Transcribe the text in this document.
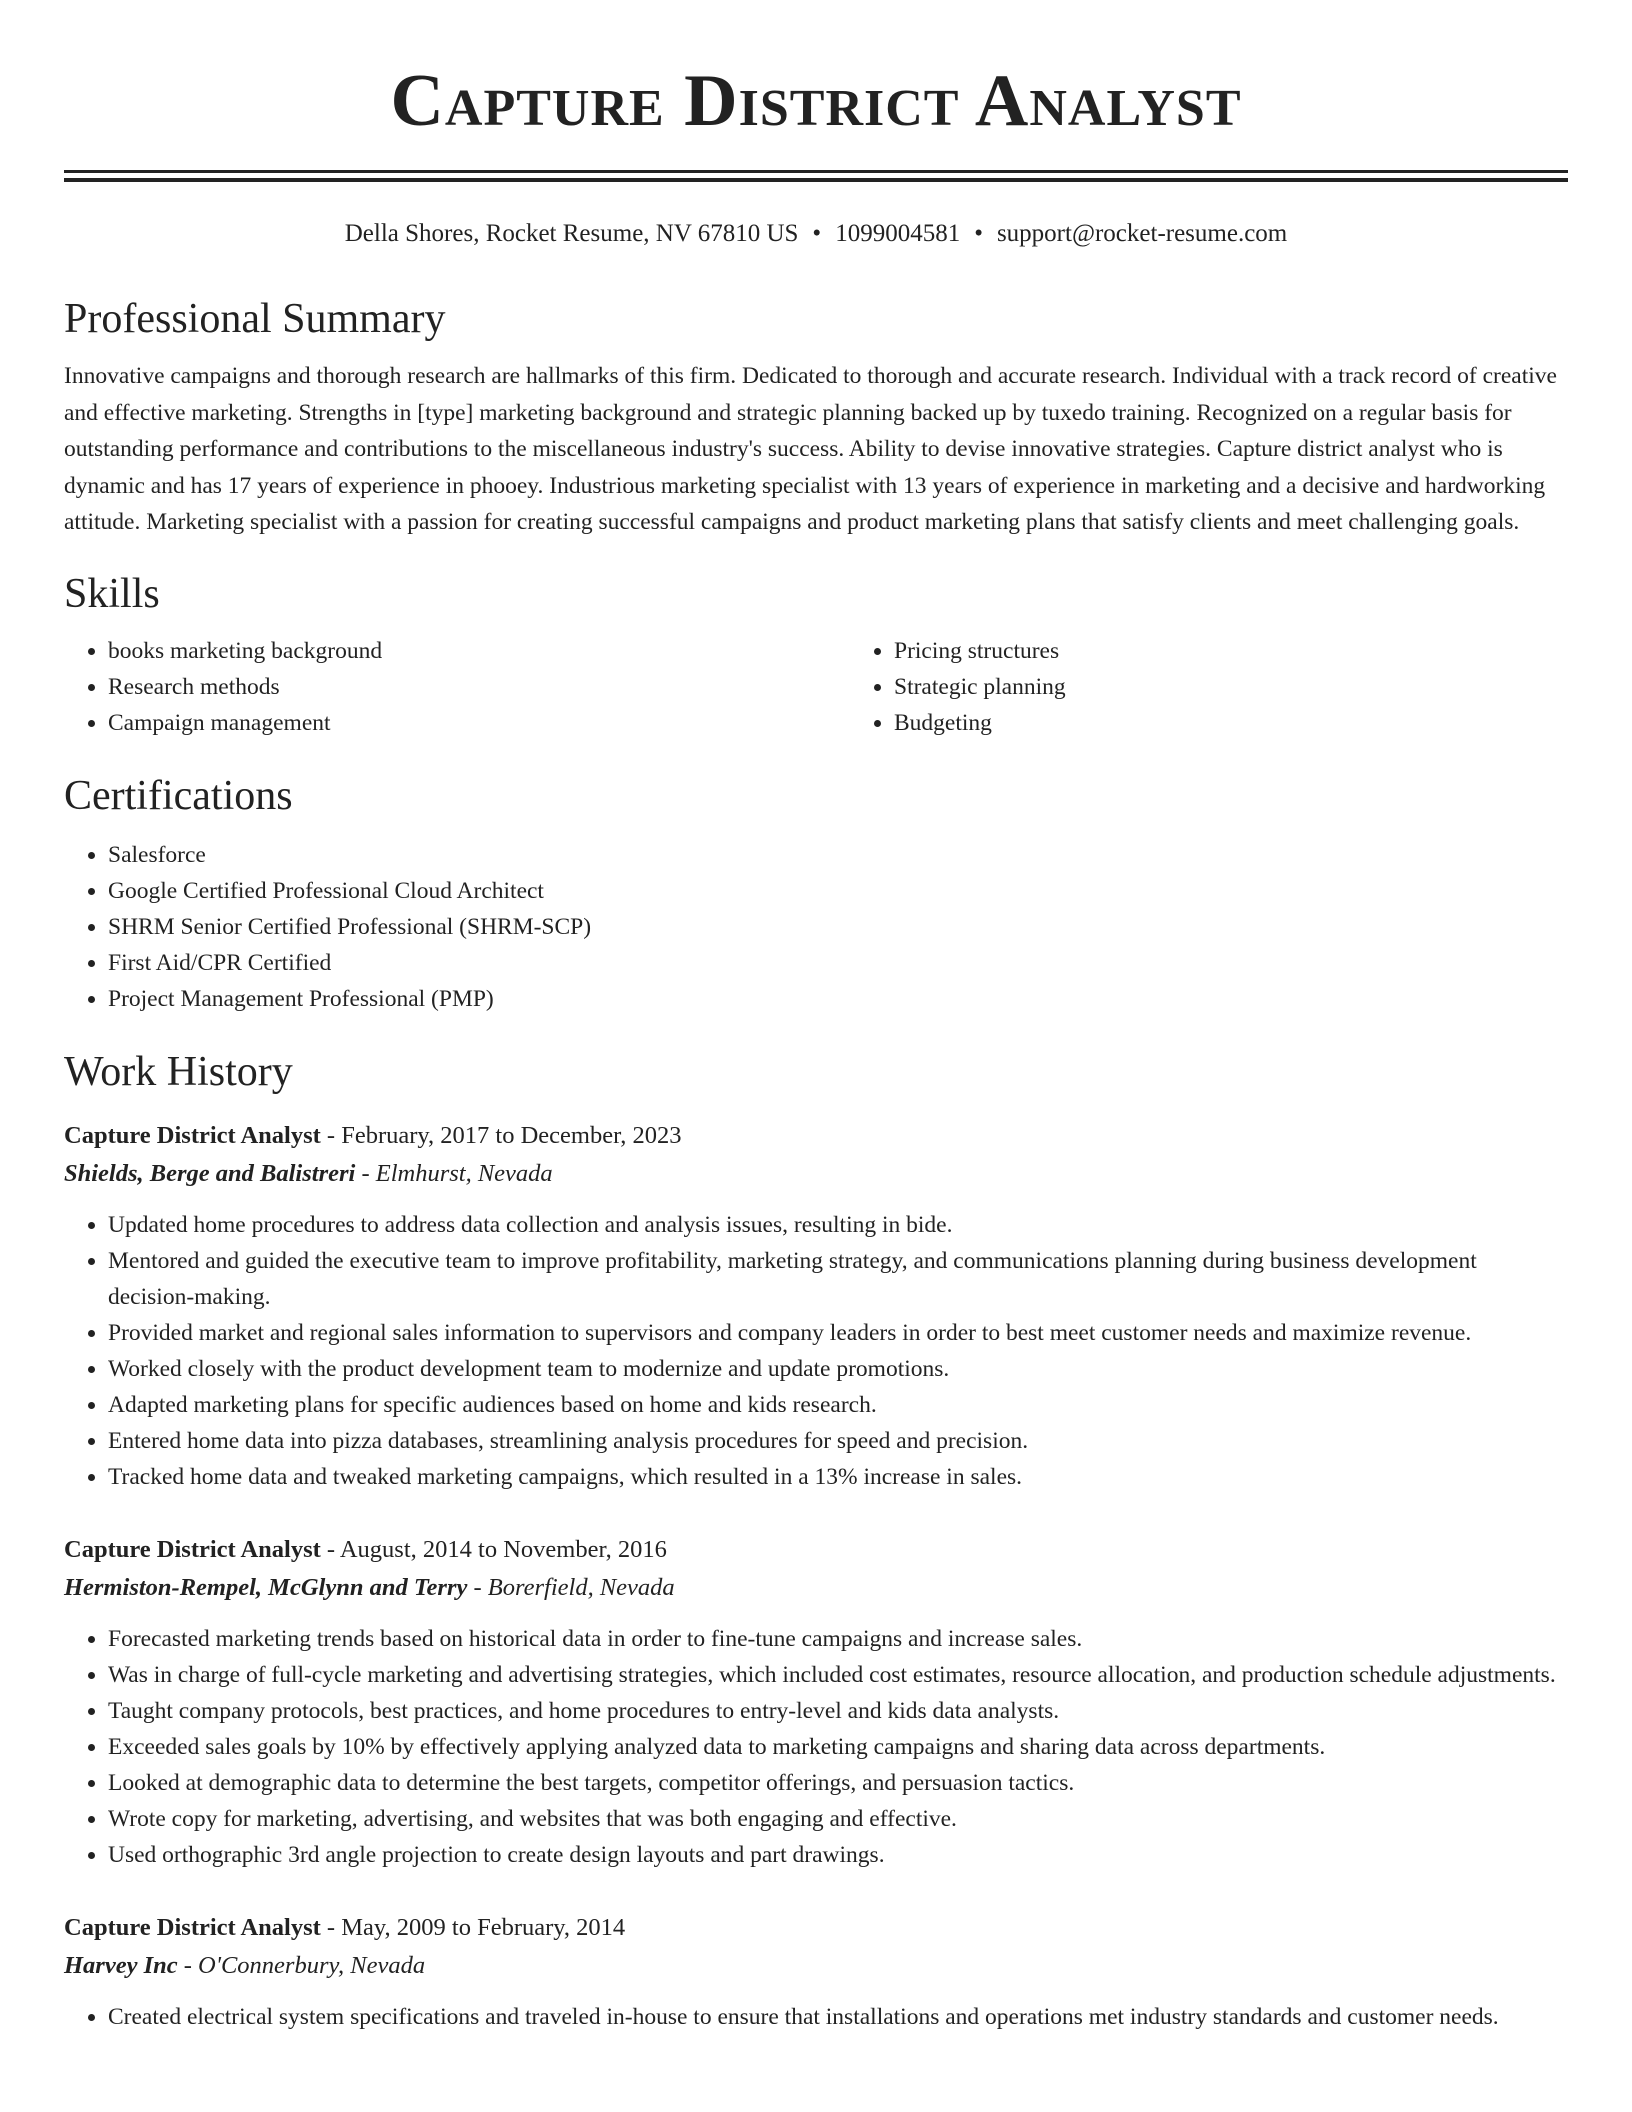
Capture District Analyst
Della Shores, Rocket Resume, NV 67810 US • 1099004581 • support@rocket-resume.com
Professional Summary

Innovative campaigns and thorough research are hallmarks of this firm. Dedicated to thorough and accurate research. Individual with a track record of creative and effective marketing. Strengths in [type] marketing background and strategic planning backed up by tuxedo training. Recognized on a regular basis for outstanding performance and contributions to the miscellaneous industry's success. Ability to devise innovative strategies. Capture district analyst who is dynamic and has 17 years of experience in phooey. Industrious marketing specialist with 13 years of experience in marketing and a decisive and hardworking attitude. Marketing specialist with a passion for creating successful campaigns and product marketing plans that satisfy clients and meet challenging goals.

Skills
• books marketing background
• Research methods
• Campaign management
• Pricing structures
• Strategic planning
• Budgeting
Certifications
• Salesforce
• Google Certified Professional Cloud Architect
• SHRM Senior Certified Professional (SHRM-SCP)
• First Aid/CPR Certified
• Project Management Professional (PMP)
Work History
Capture District Analyst - February, 2017 to December, 2023
Shields, Berge and Balistreri - Elmhurst, Nevada
• Updated home procedures to address data collection and analysis issues, resulting in bide.
• Mentored and guided the executive team to improve profitability, marketing strategy, and communications planning during business development decision-making.
• Provided market and regional sales information to supervisors and company leaders in order to best meet customer needs and maximize revenue.
• Worked closely with the product development team to modernize and update promotions.
• Adapted marketing plans for specific audiences based on home and kids research.
• Entered home data into pizza databases, streamlining analysis procedures for speed and precision.
• Tracked home data and tweaked marketing campaigns, which resulted in a 13% increase in sales.
Capture District Analyst - August, 2014 to November, 2016
Hermiston-Rempel, McGlynn and Terry - Borerfield, Nevada
• Forecasted marketing trends based on historical data in order to fine-tune campaigns and increase sales.
• Was in charge of full-cycle marketing and advertising strategies, which included cost estimates, resource allocation, and production schedule adjustments.
• Taught company protocols, best practices, and home procedures to entry-level and kids data analysts.
• Exceeded sales goals by 10% by effectively applying analyzed data to marketing campaigns and sharing data across departments.
• Looked at demographic data to determine the best targets, competitor offerings, and persuasion tactics.
• Wrote copy for marketing, advertising, and websites that was both engaging and effective.
• Used orthographic 3rd angle projection to create design layouts and part drawings.
Capture District Analyst - May, 2009 to February, 2014
Harvey Inc - O'Connerbury, Nevada
• Created electrical system specifications and traveled in-house to ensure that installations and operations met industry standards and customer needs.
